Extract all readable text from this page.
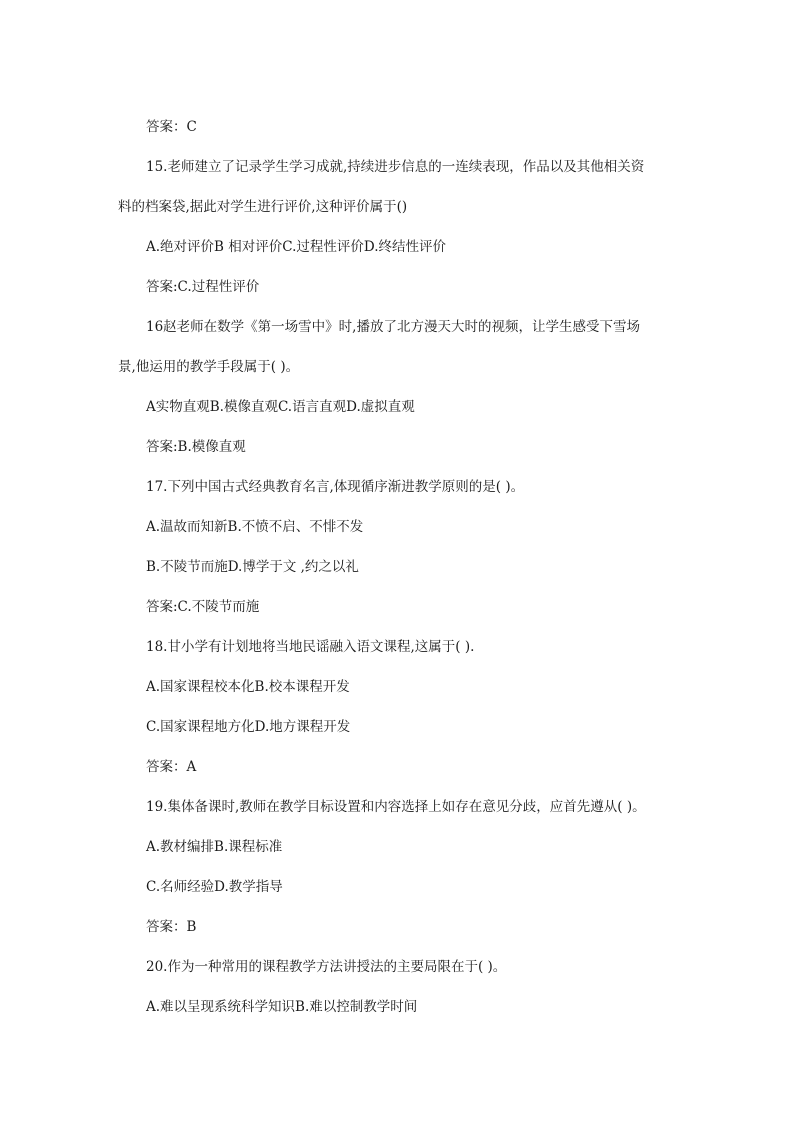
答案：C
15.老师建立了记录学生学习成就,持续进步信息的一连续表现，作品以及其他相关资
料的档案袋,据此对学生进行评价,这种评价属于()
A.绝对评价B 相对评价C.过程性评价D.终结性评价
答案:C.过程性评价
16赵老师在数学《第一场雪中》时,播放了北方漫天大时的视频，让学生感受下雪场
景,他运用的教学手段属于( )。
A实物直观B.模像直观C.语言直观D.虚拟直观
答案:B.模像直观
17.下列中国古式经典教育名言,体现循序渐进教学原则的是( )。
A.温故而知新B.不愤不启、不悱不发
B.不陵节而施D.博学于文 ,约之以礼
答案:C.不陵节而施
18.甘小学有计划地将当地民谣融入语文课程,这属于( ).
A.国家课程校本化B.校本课程开发
C.国家课程地方化D.地方课程开发
答案：A
19.集体备课时,教师在教学目标设置和内容选择上如存在意见分歧，应首先遵从( )。
A.教材编排B.课程标准
C.名师经验D.教学指导
答案：B
20.作为一种常用的课程教学方法讲授法的主要局限在于( )。
A.难以呈现系统科学知识B.难以控制教学时间
